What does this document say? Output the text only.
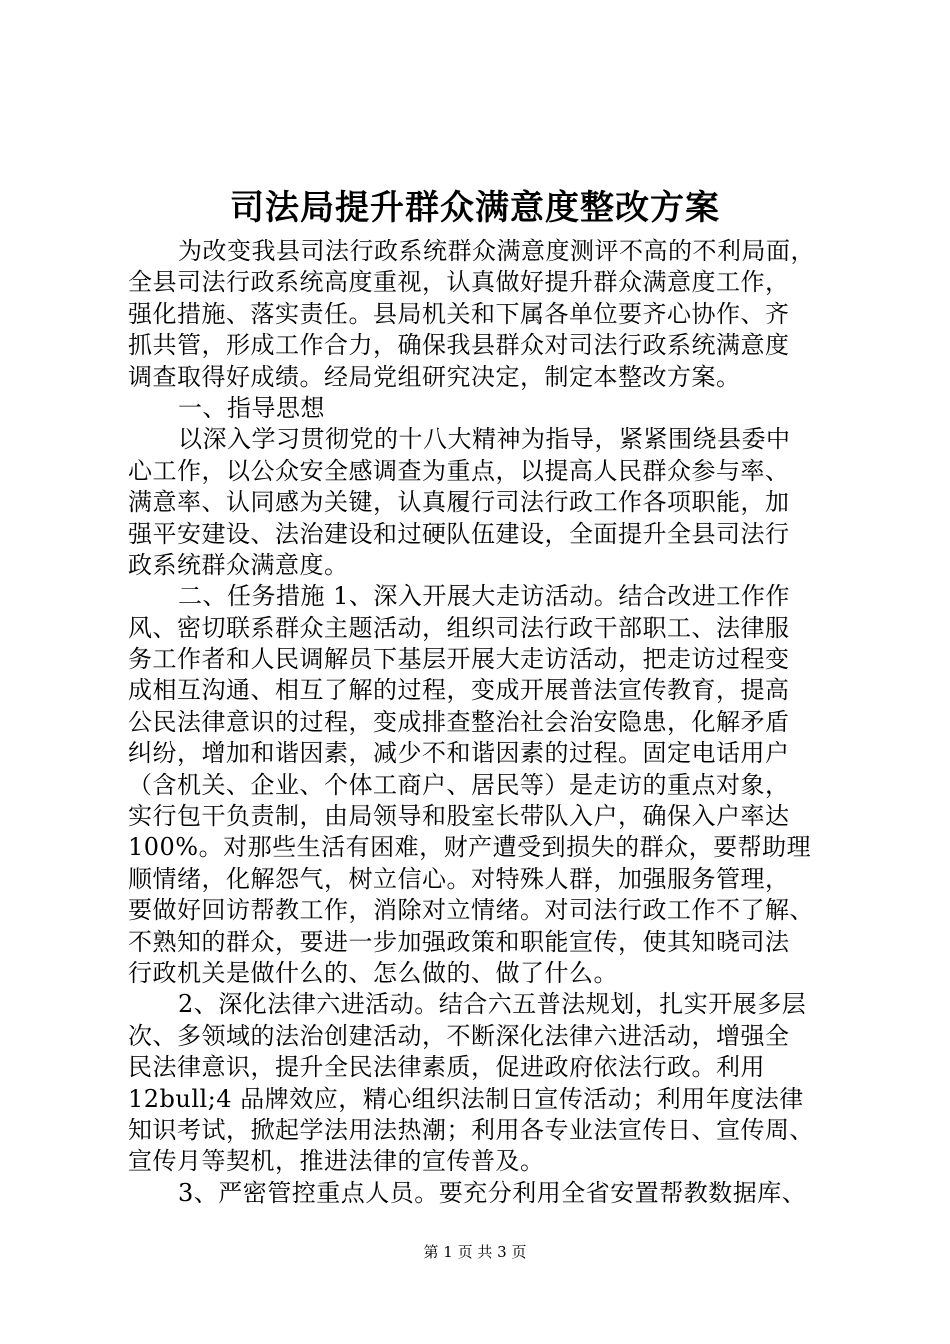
司法局提升群众满意度整改方案
为改变我县司法行政系统群众满意度测评不高的不利局面，
全县司法行政系统高度重视，认真做好提升群众满意度工作，
强化措施、落实责任。县局机关和下属各单位要齐心协作、齐
抓共管，形成工作合力，确保我县群众对司法行政系统满意度
调查取得好成绩。经局党组研究决定，制定本整改方案。
一、指导思想
以深入学习贯彻党的十八大精神为指导，紧紧围绕县委中
心工作，以公众安全感调查为重点，以提高人民群众参与率、
满意率、认同感为关键，认真履行司法行政工作各项职能，加
强平安建设、法治建设和过硬队伍建设，全面提升全县司法行
政系统群众满意度。
二、任务措施 1、深入开展大走访活动。结合改进工作作
风、密切联系群众主题活动，组织司法行政干部职工、法律服
务工作者和人民调解员下基层开展大走访活动，把走访过程变
成相互沟通、相互了解的过程，变成开展普法宣传教育，提高
公民法律意识的过程，变成排查整治社会治安隐患，化解矛盾
纠纷，增加和谐因素，减少不和谐因素的过程。固定电话用户
（含机关、企业、个体工商户、居民等）是走访的重点对象，
实行包干负责制，由局领导和股室长带队入户，确保入户率达
100%。对那些生活有困难，财产遭受到损失的群众，要帮助理
顺情绪，化解怨气，树立信心。对特殊人群，加强服务管理，
要做好回访帮教工作，消除对立情绪。对司法行政工作不了解、
不熟知的群众，要进一步加强政策和职能宣传，使其知晓司法
行政机关是做什么的、怎么做的、做了什么。
2、深化法律六进活动。结合六五普法规划，扎实开展多层
次、多领域的法治创建活动，不断深化法律六进活动，增强全
民法律意识，提升全民法律素质，促进政府依法行政。利用
12bull;4 品牌效应，精心组织法制日宣传活动；利用年度法律
知识考试，掀起学法用法热潮；利用各专业法宣传日、宣传周、
宣传月等契机，推进法律的宣传普及。
3、严密管控重点人员。要充分利用全省安置帮教数据库、
第 1 页 共 3 页
